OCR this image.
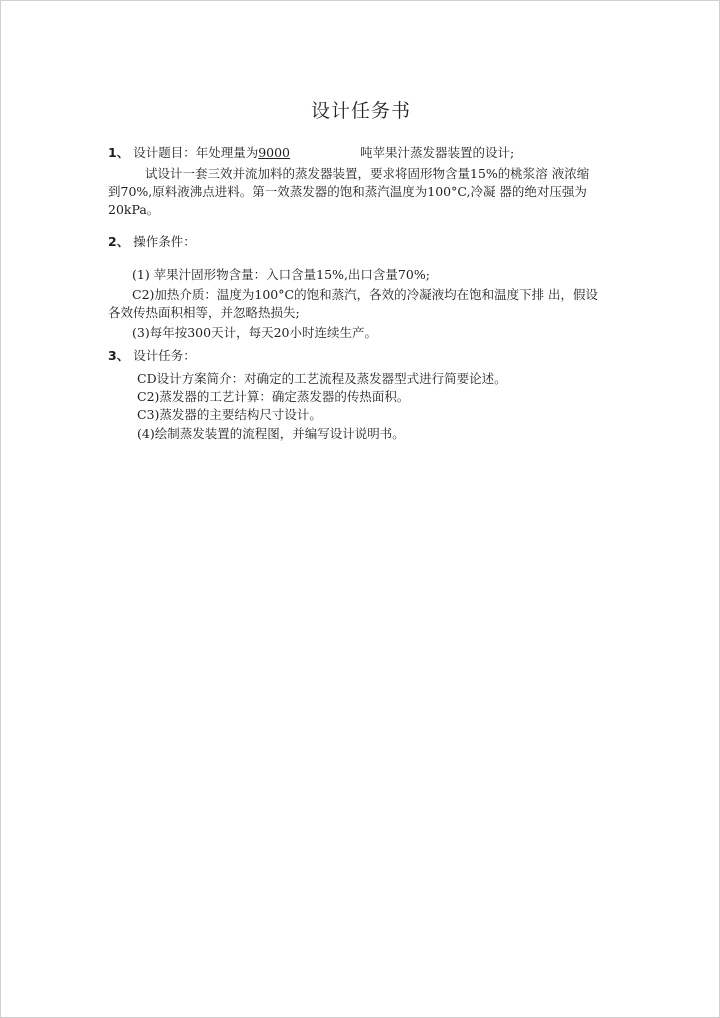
设计任务书
1、 设计题目：年处理量为9000	吨苹果汁蒸发器装置的设计;
试设计一套三效并流加料的蒸发器装置，要求将固形物含量15%的桃浆溶 液浓缩
到70%,原料液沸点进料。第一效蒸发器的饱和蒸汽温度为100°C,冷凝 器的绝对压强为
20kPa。
2、 操作条件：
(1) 苹果汁固形物含量：入口含量15%,出口含量70%;
C2)加热介质：温度为100°C的饱和蒸汽，各效的冷凝液均在饱和温度下排 出，假设
各效传热面积相等，并忽略热损失;
(3)每年按300天计，每天20小时连续生产。
3、 设计任务：
CD设计方案简介：对确定的工艺流程及蒸发器型式进行简要论述。
C2)蒸发器的工艺计算：确定蒸发器的传热面积。
C3)蒸发器的主要结构尺寸设计。
(4)绘制蒸发装置的流程图，并编写设计说明书。
